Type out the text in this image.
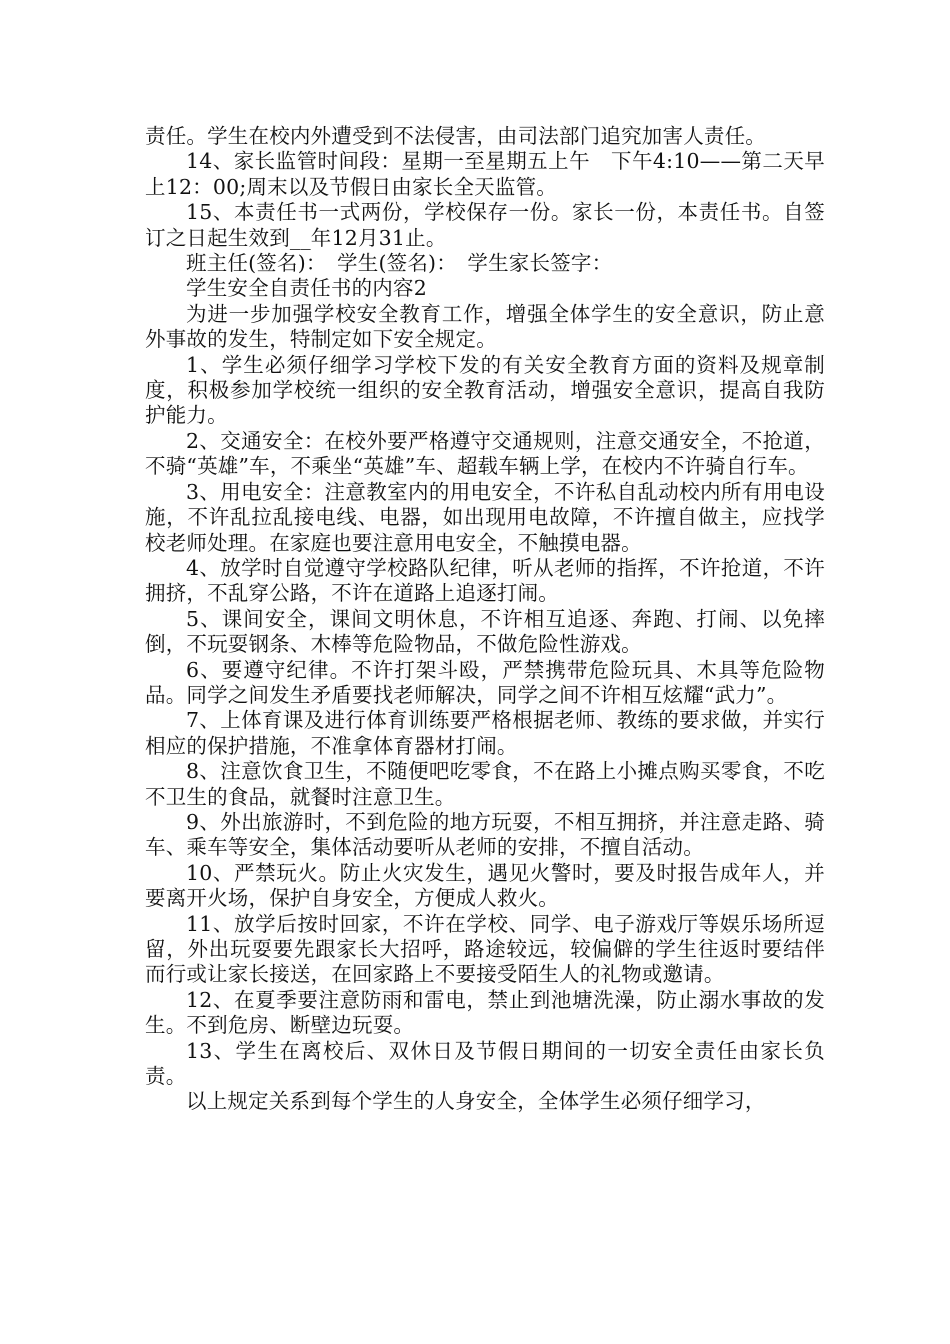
责任。学生在校内外遭受到不法侵害，由司法部门追究加害人责任。

14、家长监管时间段：星期一至星期五上午　下午4:10——第二天早上12：00;周末以及节假日由家长全天监管。

15、本责任书一式两份，学校保存一份。家长一份，本责任书。自签订之日起生效到__年12月31止。

班主任(签名)：　学生(签名)：　学生家长签字：

学生安全自责任书的内容2

为进一步加强学校安全教育工作，增强全体学生的安全意识，防止意外事故的发生，特制定如下安全规定。

1、学生必须仔细学习学校下发的有关安全教育方面的资料及规章制度，积极参加学校统一组织的安全教育活动，增强安全意识，提高自我防护能力。

2、交通安全：在校外要严格遵守交通规则，注意交通安全，不抢道，不骑“英雄”车，不乘坐“英雄”车、超载车辆上学，在校内不许骑自行车。

3、用电安全：注意教室内的用电安全，不许私自乱动校内所有用电设施，不许乱拉乱接电线、电器，如出现用电故障，不许擅自做主，应找学校老师处理。在家庭也要注意用电安全，不触摸电器。

4、放学时自觉遵守学校路队纪律，听从老师的指挥，不许抢道，不许拥挤，不乱穿公路，不许在道路上追逐打闹。

5、课间安全，课间文明休息，不许相互追逐、奔跑、打闹、以免摔倒，不玩耍钢条、木棒等危险物品，不做危险性游戏。

6、要遵守纪律。不许打架斗殴，严禁携带危险玩具、木具等危险物品。同学之间发生矛盾要找老师解决，同学之间不许相互炫耀“武力”。

7、上体育课及进行体育训练要严格根据老师、教练的要求做，并实行相应的保护措施，不准拿体育器材打闹。

8、注意饮食卫生，不随便吧吃零食，不在路上小摊点购买零食，不吃不卫生的食品，就餐时注意卫生。

9、外出旅游时，不到危险的地方玩耍，不相互拥挤，并注意走路、骑车、乘车等安全，集体活动要听从老师的安排，不擅自活动。

10、严禁玩火。防止火灾发生，遇见火警时，要及时报告成年人，并要离开火场，保护自身安全，方便成人救火。

11、放学后按时回家，不许在学校、同学、电子游戏厅等娱乐场所逗留，外出玩耍要先跟家长大招呼，路途较远，较偏僻的学生往返时要结伴而行或让家长接送，在回家路上不要接受陌生人的礼物或邀请。

12、在夏季要注意防雨和雷电，禁止到池塘洗澡，防止溺水事故的发生。不到危房、断壁边玩耍。

13、学生在离校后、双休日及节假日期间的一切安全责任由家长负责。

以上规定关系到每个学生的人身安全，全体学生必须仔细学习，
